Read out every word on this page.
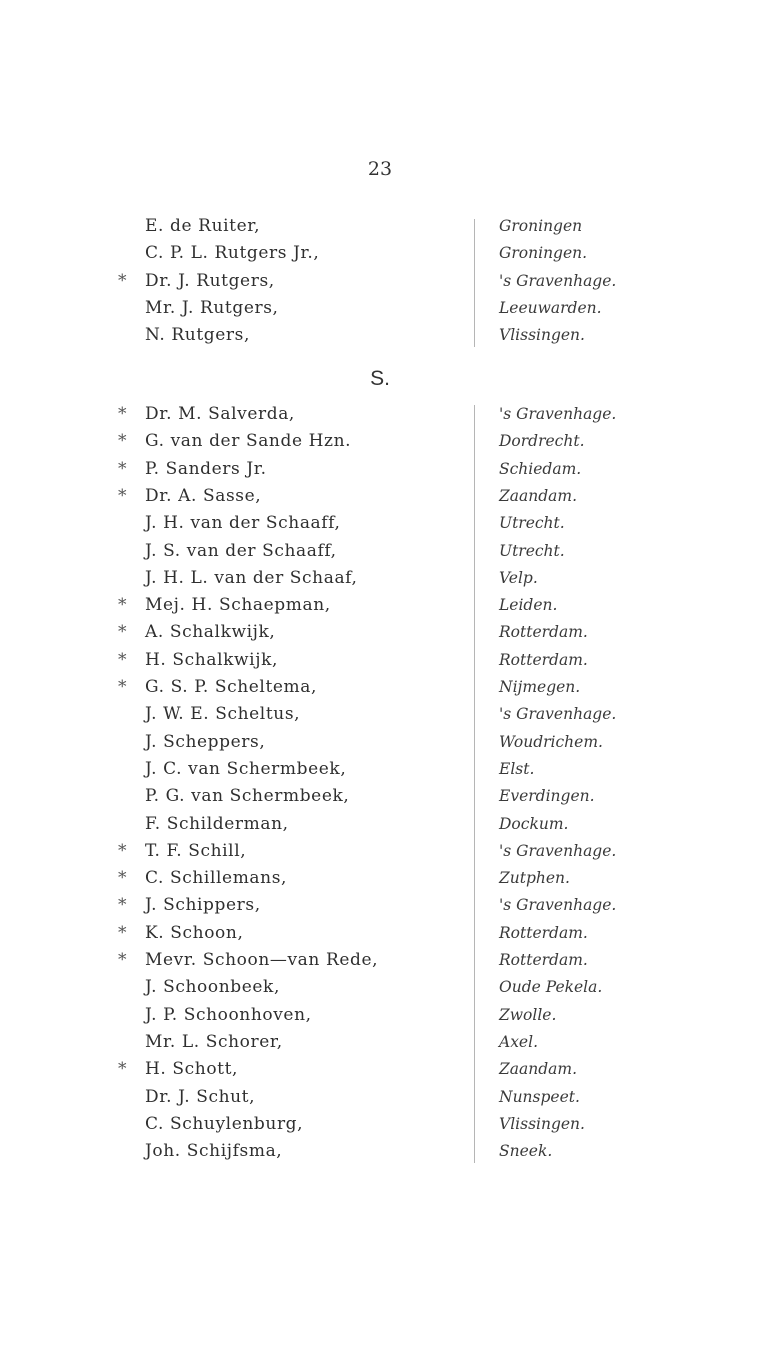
23
E. de Ruiter,	Groningen
C. P. L. Rutgers Jr.,	Groningen.
*	Dr. J. Rutgers,	's Gravenhage.
Mr. J. Rutgers,	Leeuwarden.
N. Rutgers,	Vlissingen.
S.
*	Dr. M. Salverda,	's Gravenhage.
*	G. van der Sande Hzn.	Dordrecht.
*	P. Sanders Jr.	Schiedam.
*	Dr. A. Sasse,	Zaandam.
J. H. van der Schaaff,	Utrecht.
J. S. van der Schaaff,	Utrecht.
J. H. L. van der Schaaf,	Velp.
*	Mej. H. Schaepman,	Leiden.
*	A. Schalkwijk,	Rotterdam.
*	H. Schalkwijk,	Rotterdam.
*	G. S. P. Scheltema,	Nijmegen.
J. W. E. Scheltus,	's Gravenhage.
J. Scheppers,	Woudrichem.
J. C. van Schermbeek,	Elst.
P. G. van Schermbeek,	Everdingen.
F. Schilderman,	Dockum.
*	T. F. Schill,	's Gravenhage.
*	C. Schillemans,	Zutphen.
*	J. Schippers,	's Gravenhage.
*	K. Schoon,	Rotterdam.
*	Mevr. Schoon—van Rede,	Rotterdam.
J. Schoonbeek,	Oude Pekela.
J. P. Schoonhoven,	Zwolle.
Mr. L. Schorer,	Axel.
*	H. Schott,	Zaandam.
Dr. J. Schut,	Nunspeet.
C. Schuylenburg,	Vlissingen.
Joh. Schijfsma,	Sneek.
